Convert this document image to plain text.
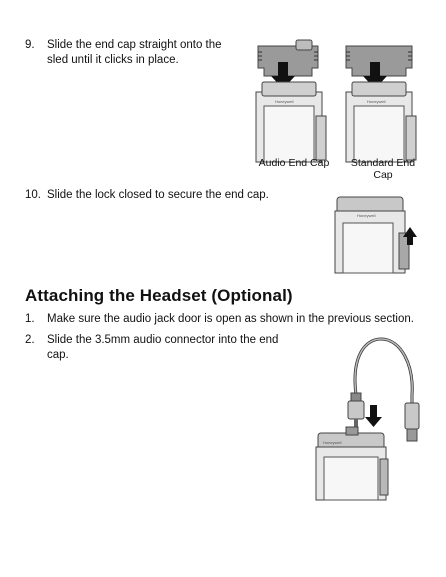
9. Slide the end cap straight onto the sled until it clicks in place.
Honeywell	Honeywell
Audio End Cap	Standard End Cap
10. Slide the lock closed to secure the end cap.
Honeywell
Attaching the Headset (Optional)
1. Make sure the audio jack door is open as shown in the previous section.
2. Slide the 3.5mm audio connector into the end cap.
Honeywell
